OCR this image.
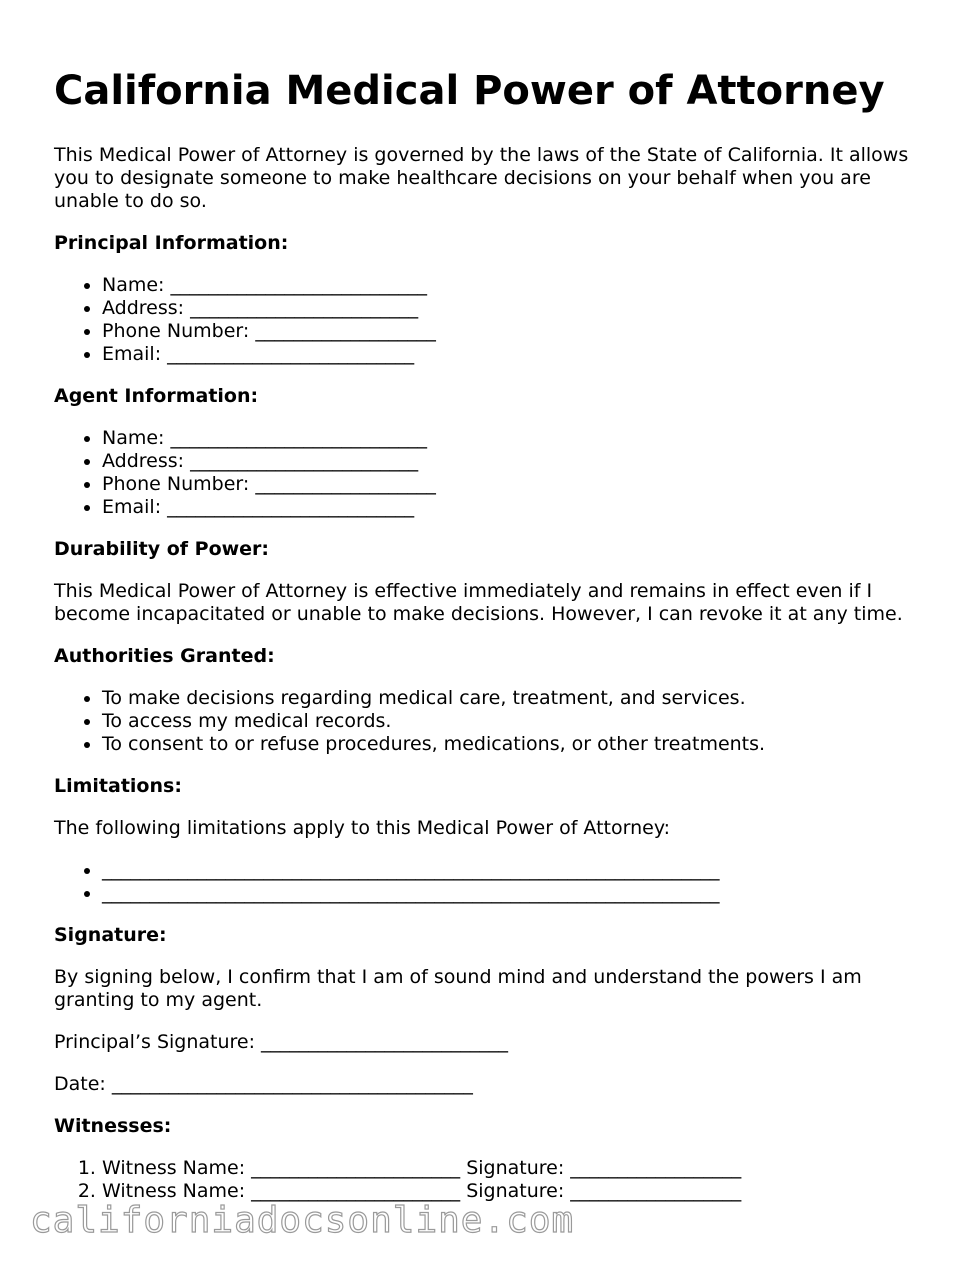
California Medical Power of Attorney

This Medical Power of Attorney is governed by the laws of the State of California. It allows you to designate someone to make healthcare decisions on your behalf when you are unable to do so.

Principal Information:
• Name: ___________________________
• Address: ________________________
• Phone Number: ___________________
• Email: __________________________
Agent Information:
• Name: ___________________________
• Address: ________________________
• Phone Number: ___________________
• Email: __________________________
Durability of Power:

This Medical Power of Attorney is effective immediately and remains in effect even if I become incapacitated or unable to make decisions. However, I can revoke it at any time.

Authorities Granted:
• To make decisions regarding medical care, treatment, and services.
• To access my medical records.
• To consent to or refuse procedures, medications, or other treatments.
Limitations:

The following limitations apply to this Medical Power of Attorney:

• _________________________________________________________________
• _________________________________________________________________
Signature:

By signing below, I confirm that I am of sound mind and understand the powers I am granting to my agent.

Principal’s Signature: __________________________

Date: ______________________________________

Witnesses:
1. Witness Name: ______________________ Signature: __________________
2. Witness Name: ______________________ Signature: __________________
californiadocsonline.com
